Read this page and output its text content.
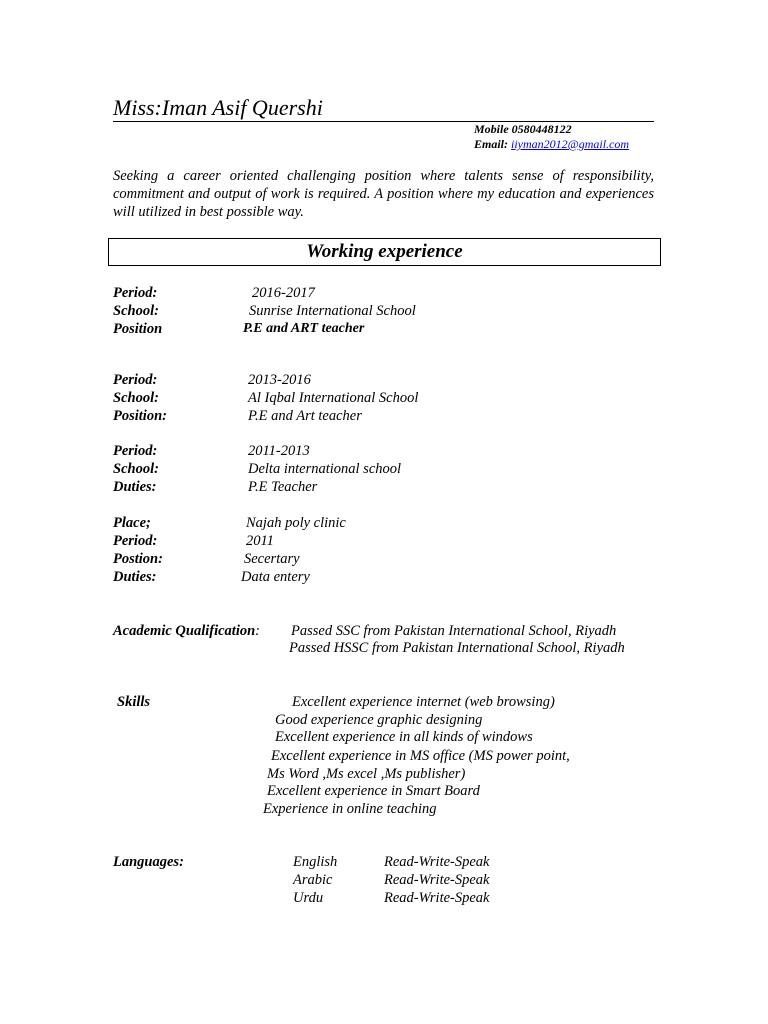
Miss:Iman Asif Quershi
Mobile 0580448122
Email: iiyman2012@gmail.com
Seeking a career oriented challenging position where talents sense of responsibility, commitment and output of work is required. A position where my education and experiences will utilized in best possible way.
Working experience
Period:	2016-2017
School:	Sunrise International School
Position	P.E and ART teacher
Period:	2013-2016
School:	Al Iqbal International School
Position:	P.E and Art teacher
Period:	2011-2013
School:	Delta international school
Duties:	P.E Teacher
Place;	Najah poly clinic
Period:	2011
Postion:	Secertary
Duties:	Data entery
Academic Qualification: Passed SSC from Pakistan International School, Riyadh
Passed HSSC from Pakistan International School, Riyadh
Skills	Excellent experience internet (web browsing)
Good experience graphic designing
Excellent experience in all kinds of windows
Excellent experience in MS office (MS power point,
Ms Word ,Ms excel ,Ms publisher)
Excellent experience in Smart Board
Experience in online teaching
Languages:	English	Read-Write-Speak
Arabic	Read-Write-Speak
Urdu	Read-Write-Speak
